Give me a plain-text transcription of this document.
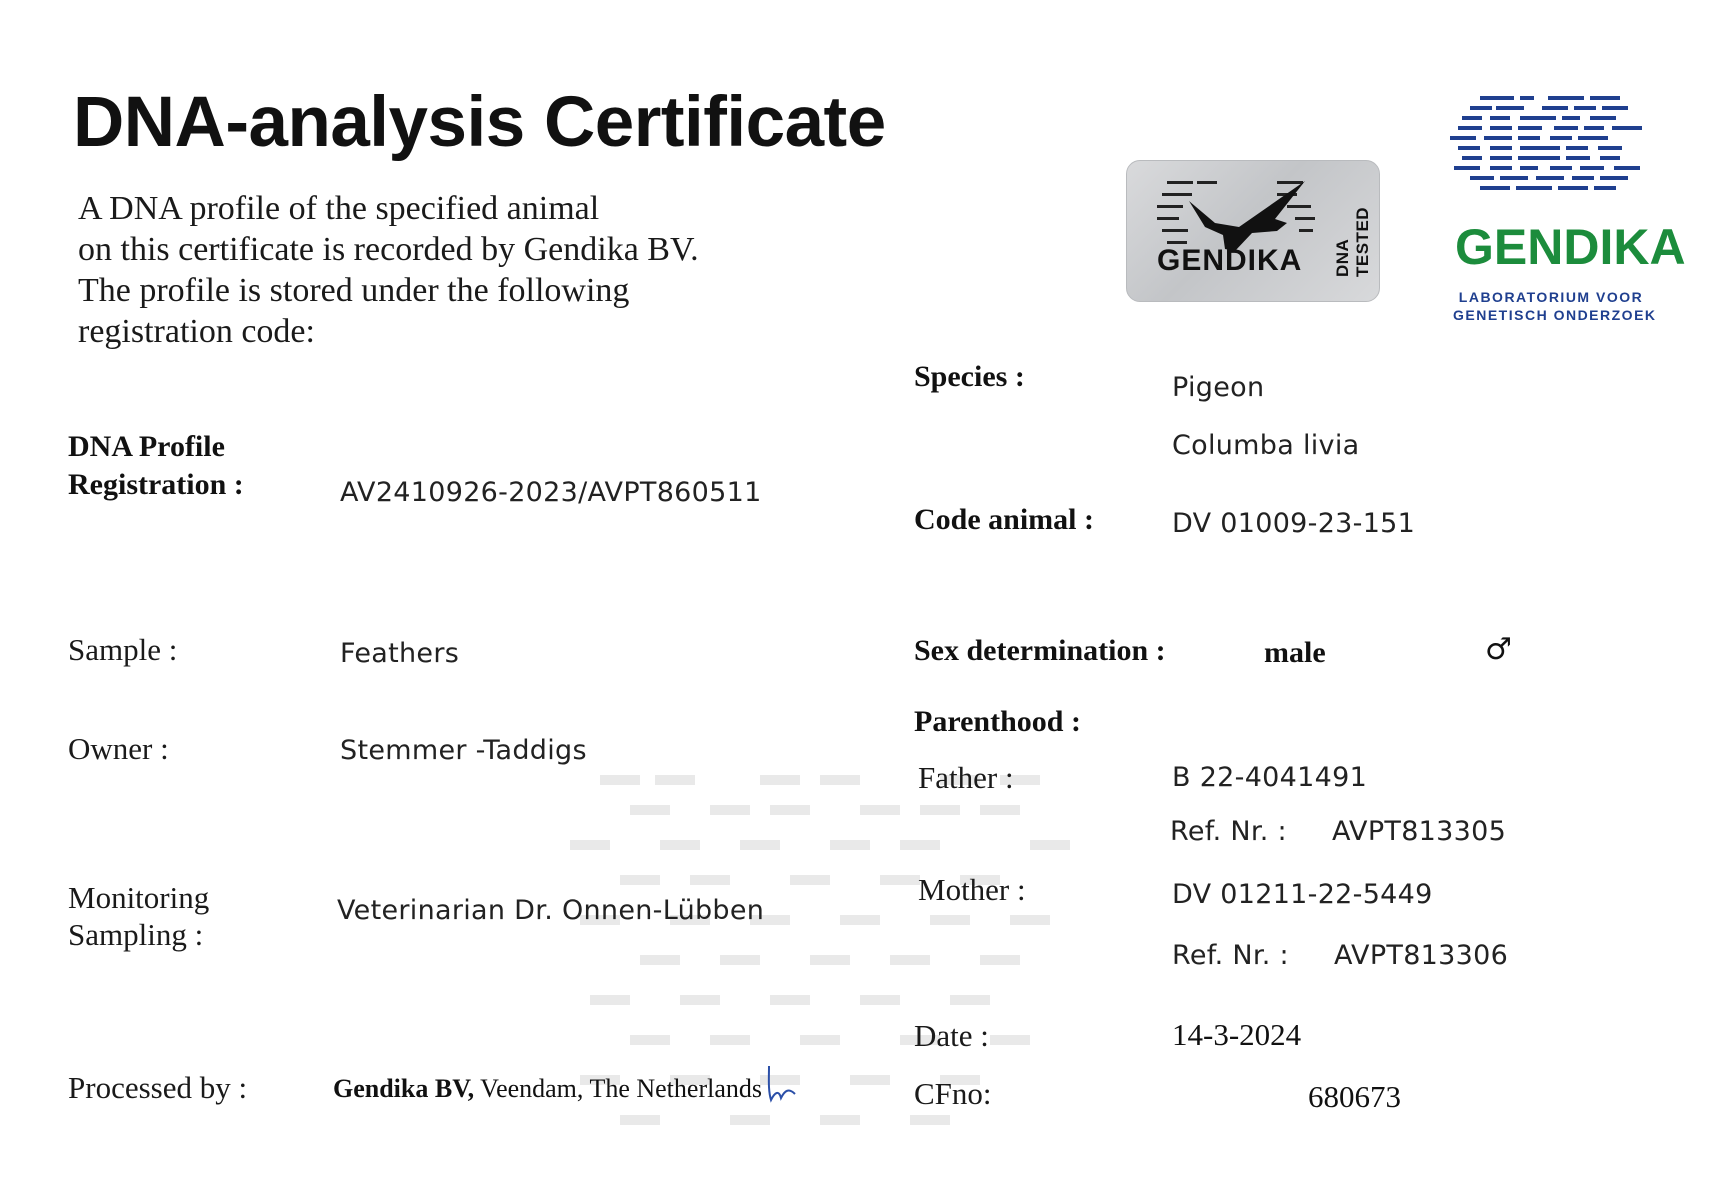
DNA-analysis Certificate
A DNA profile of the specified animal
on this certificate is recorded by Gendika BV.
The profile is stored under the following
registration code:
GENDIKA DNA TESTED GENDIKA
LABORATORIUM VOOR
GENETISCH ONDERZOEK
DNA Profile
Registration :	AV2410926-2023/AVPT860511
Sample :	Feathers
Owner :	Stemmer -Taddigs
Monitoring
Sampling :
Veterinarian Dr. Onnen-Lübben
Processed by :	Gendika BV, Veendam, The Netherlands
Species :	Pigeon
Columba livia
Code animal :	DV 01009-23-151
Sex determination :	male	♂
Parenthood :
Father :	B 22-4041491
Ref. Nr. : AVPT813305
Mother :	DV 01211-22-5449
Ref. Nr. : AVPT813306
Date :	14-3-2024
CFno:	680673
